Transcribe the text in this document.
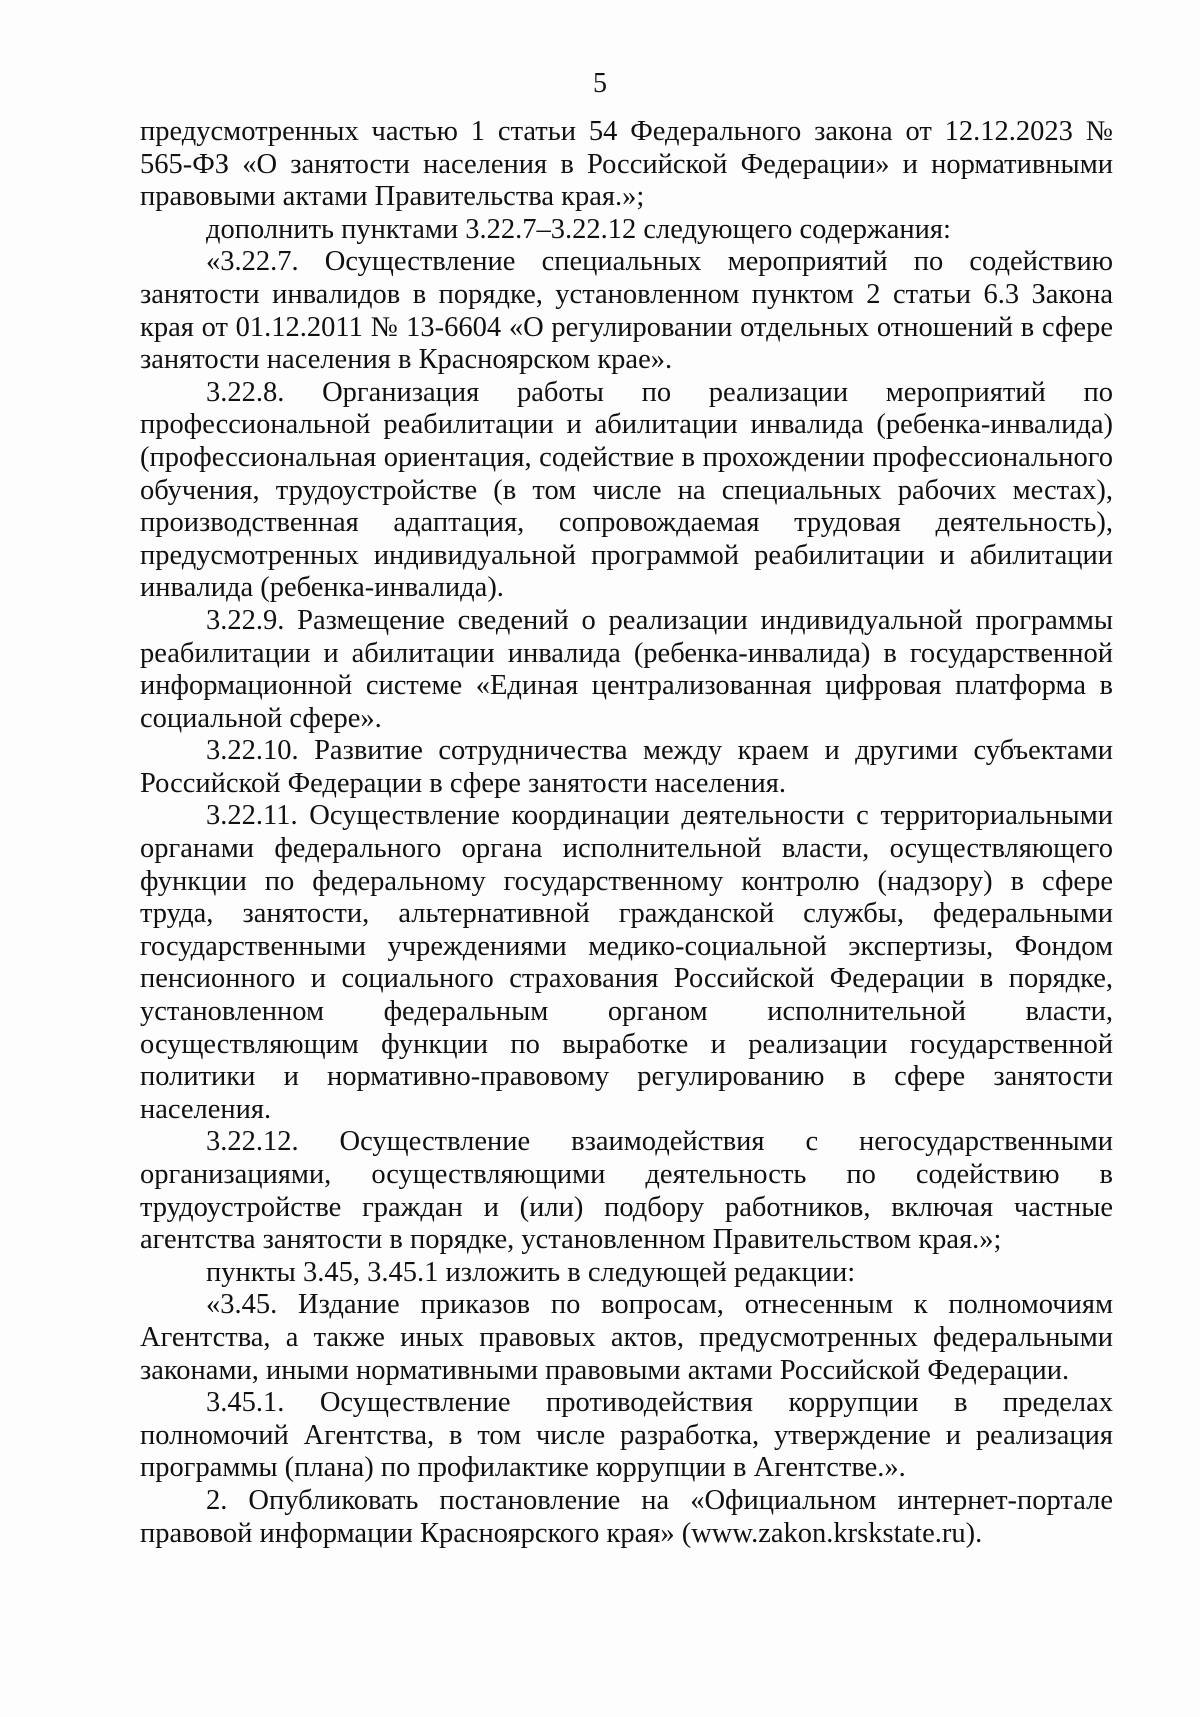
5

предусмотренных частью 1 статьи 54 Федерального закона от 12.12.2023 № 565-ФЗ «О занятости населения в Российской Федерации» и нормативными правовыми актами Правительства края.»;

дополнить пунктами 3.22.7–3.22.12 следующего содержания:

«3.22.7. Осуществление специальных мероприятий по содействию занятости инвалидов в порядке, установленном пунктом 2 статьи 6.3 Закона края от 01.12.2011 № 13-6604 «О регулировании отдельных отношений в сфере занятости населения в Красноярском крае».

3.22.8. Организация работы по реализации мероприятий по профессиональной реабилитации и абилитации инвалида (ребенка-инвалида) (профессиональная ориентация, содействие в прохождении профессионального обучения, трудоустройстве (в том числе на специальных рабочих местах), производственная адаптация, сопровождаемая трудовая деятельность), предусмотренных индивидуальной программой реабилитации и абилитации инвалида (ребенка-инвалида).

3.22.9. Размещение сведений о реализации индивидуальной программы реабилитации и абилитации инвалида (ребенка-инвалида) в государственной информационной системе «Единая централизованная цифровая платформа в социальной сфере».

3.22.10. Развитие сотрудничества между краем и другими субъектами Российской Федерации в сфере занятости населения.

3.22.11. Осуществление координации деятельности с территориальными органами федерального органа исполнительной власти, осуществляющего функции по федеральному государственному контролю (надзору) в сфере труда, занятости, альтернативной гражданской службы, федеральными государственными учреждениями медико-социальной экспертизы, Фондом пенсионного и социального страхования Российской Федерации в порядке, установленном федеральным органом исполнительной власти, осуществляющим функции по выработке и реализации государственной политики и нормативно-правовому регулированию в сфере занятости населения.

3.22.12. Осуществление взаимодействия с негосударственными организациями, осуществляющими деятельность по содействию в трудоустройстве граждан и (или) подбору работников, включая частные агентства занятости в порядке, установленном Правительством края.»;

пункты 3.45, 3.45.1 изложить в следующей редакции:

«3.45. Издание приказов по вопросам, отнесенным к полномочиям Агентства, а также иных правовых актов, предусмотренных федеральными законами, иными нормативными правовыми актами Российской Федерации.

3.45.1. Осуществление противодействия коррупции в пределах полномочий Агентства, в том числе разработка, утверждение и реализация программы (плана) по профилактике коррупции в Агентстве.».

2. Опубликовать постановление на «Официальном интернет-портале правовой информации Красноярского края» (www.zakon.krskstate.ru).
